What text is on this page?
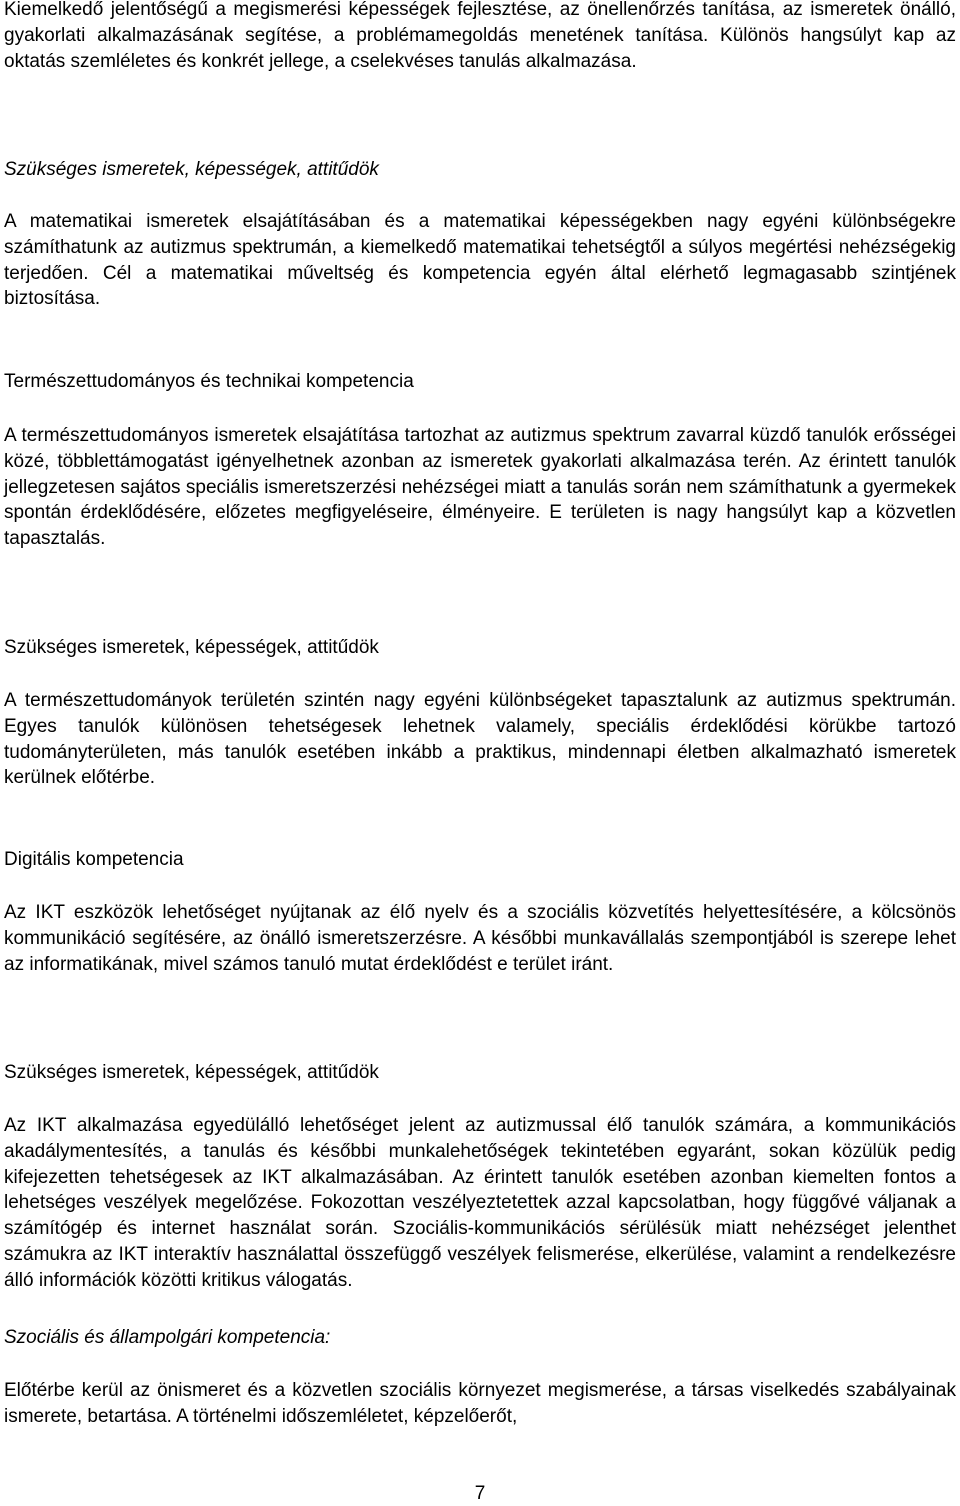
Kiemelkedő jelentőségű a megismerési képességek fejlesztése, az önellenőrzés tanítása, az ismeretek önálló, gyakorlati alkalmazásának segítése, a problémamegoldás menetének tanítása. Különös hangsúlyt kap az oktatás szemléletes és konkrét jellege, a cselekvéses tanulás alkalmazása.

Szükséges ismeretek, képességek, attitűdök

A matematikai ismeretek elsajátításában és a matematikai képességekben nagy egyéni különbségekre számíthatunk az autizmus spektrumán, a kiemelkedő matematikai tehetségtől a súlyos megértési nehézségekig terjedően. Cél a matematikai műveltség és kompetencia egyén által elérhető legmagasabb szintjének biztosítása.

Természettudományos és technikai kompetencia

A természettudományos ismeretek elsajátítása tartozhat az autizmus spektrum zavarral küzdő tanulók erősségei közé, többlettámogatást igényelhetnek azonban az ismeretek gyakorlati alkalmazása terén. Az érintett tanulók jellegzetesen sajátos speciális ismeretszerzési nehézségei miatt a tanulás során nem számíthatunk a gyermekek spontán érdeklődésére, előzetes megfigyeléseire, élményeire. E területen is nagy hangsúlyt kap a közvetlen tapasztalás.

Szükséges ismeretek, képességek, attitűdök

A természettudományok területén szintén nagy egyéni különbségeket tapasztalunk az autizmus spektrumán. Egyes tanulók különösen tehetségesek lehetnek valamely, speciális érdeklődési körükbe tartozó tudományterületen, más tanulók esetében inkább a praktikus, mindennapi életben alkalmazható ismeretek kerülnek előtérbe.

Digitális kompetencia

Az IKT eszközök lehetőséget nyújtanak az élő nyelv és a szociális közvetítés helyettesítésére, a kölcsönös kommunikáció segítésére, az önálló ismeretszerzésre. A későbbi munkavállalás szempontjából is szerepe lehet az informatikának, mivel számos tanuló mutat érdeklődést e terület iránt.

Szükséges ismeretek, képességek, attitűdök

Az IKT alkalmazása egyedülálló lehetőséget jelent az autizmussal élő tanulók számára, a kommunikációs akadálymentesítés, a tanulás és későbbi munkalehetőségek tekintetében egyaránt, sokan közülük pedig kifejezetten tehetségesek az IKT alkalmazásában. Az érintett tanulók esetében azonban kiemelten fontos a lehetséges veszélyek megelőzése. Fokozottan veszélyeztetettek azzal kapcsolatban, hogy függővé váljanak a számítógép és internet használat során. Szociális-kommunikációs sérülésük miatt nehézséget jelenthet számukra az IKT interaktív használattal összefüggő veszélyek felismerése, elkerülése, valamint a rendelkezésre álló információk közötti kritikus válogatás.

Szociális és állampolgári kompetencia:

Előtérbe kerül az önismeret és a közvetlen szociális környezet megismerése, a társas viselkedés szabályainak ismerete, betartása. A történelmi időszemléletet, képzelőerőt,

7
